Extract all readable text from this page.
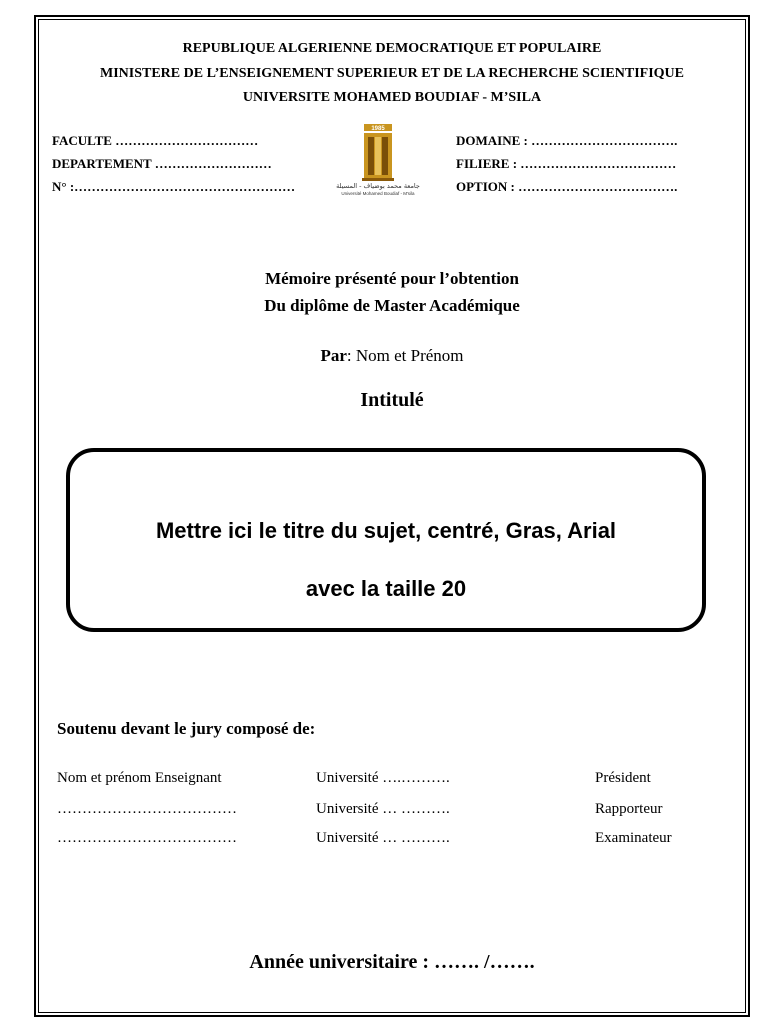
REPUBLIQUE ALGERIENNE DEMOCRATIQUE ET POPULAIRE
MINISTERE DE L’ENSEIGNEMENT SUPERIEUR ET DE LA RECHERCHE SCIENTIFIQUE
UNIVERSITE MOHAMED BOUDIAF - M’SILA
FACULTE ……………………………
DEPARTEMENT ………………………
N° :……………………………………………
DOMAINE : …………………………….
FILIERE : ………………………………
OPTION : ……………………………….
1985
جامعة محمد بوضياف - المسيلة
Université Mohamed Boudiaf - M'sila
Mémoire présenté pour l’obtention
Du diplôme de Master Académique
Par: Nom et Prénom
Intitulé
Mettre ici le titre du sujet, centré, Gras, Arial
avec la taille 20
Soutenu devant le jury composé de:
Nom et prénom Enseignant	Université ….……….	Président
………………………………	Université … ……….	Rapporteur
………………………………	Université … ……….	Examinateur
Année universitaire : ……. /…….
